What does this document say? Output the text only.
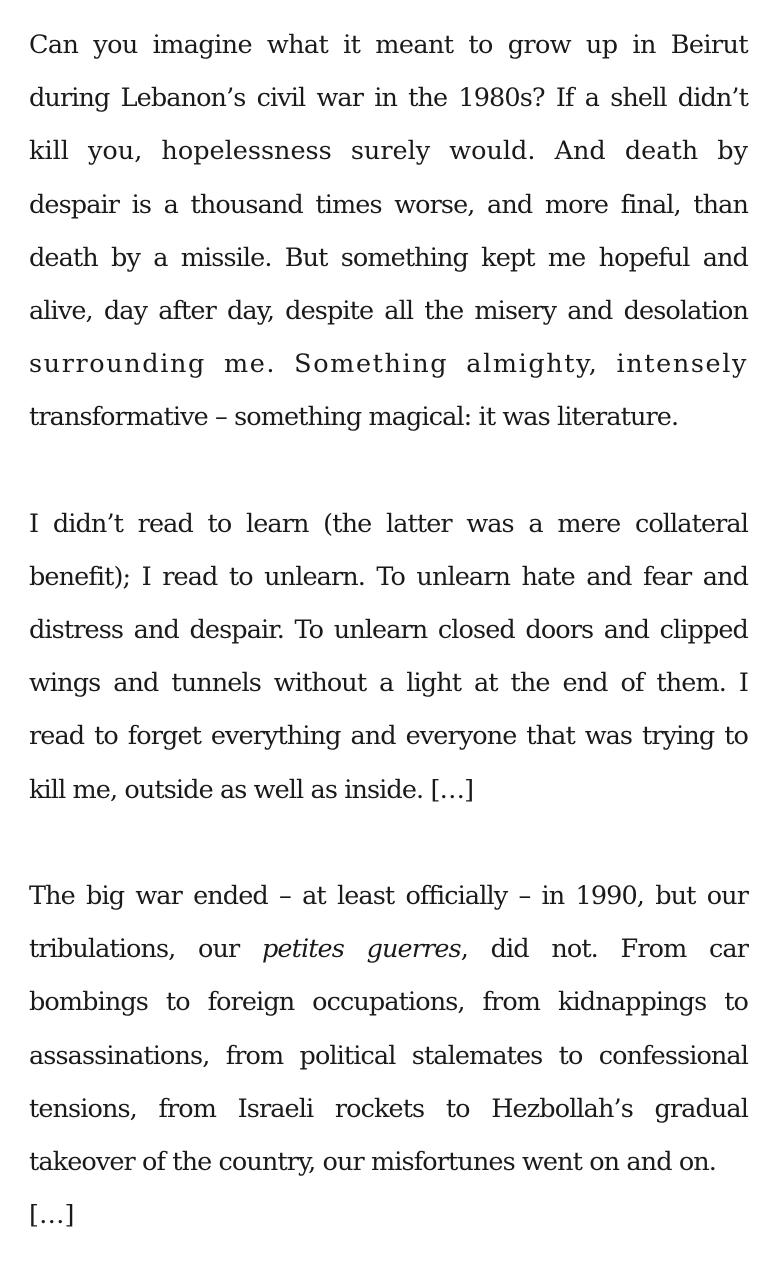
Can you imagine what it meant to grow up in Beirut
during Lebanon’s civil war in the 1980s? If a shell didn’t
kill you, hopelessness surely would. And death by
despair is a thousand times worse, and more final, than
death by a missile. But something kept me hopeful and
alive, day after day, despite all the misery and desolation
surrounding me. Something almighty, intensely
transformative – something magical: it was literature.

I didn’t read to learn (the latter was a mere collateral
benefit); I read to unlearn. To unlearn hate and fear and
distress and despair. To unlearn closed doors and clipped
wings and tunnels without a light at the end of them. I
read to forget everything and everyone that was trying to
kill me, outside as well as inside. […]

The big war ended – at least officially – in 1990, but our
tribulations, our petites guerres, did not. From car
bombings to foreign occupations, from kidnappings to
assassinations, from political stalemates to confessional
tensions, from Israeli rockets to Hezbollah’s gradual
takeover of the country, our misfortunes went on and on.
[…]
